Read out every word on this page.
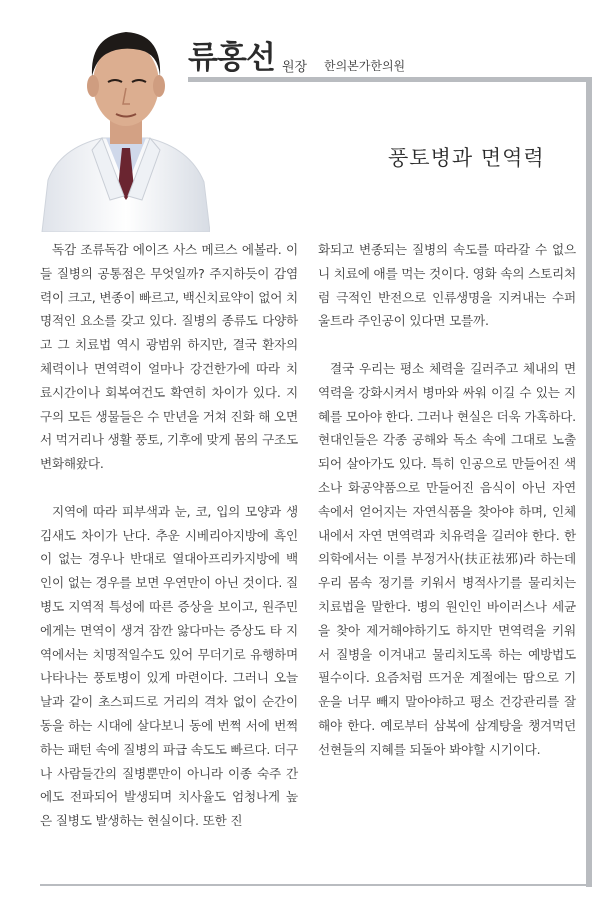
류홍선 원장 한의본가한의원
풍토병과 면역력

독감 조류독감 에이즈 사스 메르스 에볼라. 이들 질병의 공통점은 무엇일까? 주지하듯이 감염력이 크고, 변종이 빠르고, 백신치료약이 없어 치명적인 요소를 갖고 있다. 질병의 종류도 다양하고 그 치료법 역시 광범위 하지만, 결국 환자의 체력이나 면역력이 얼마나 강건한가에 따라 치료시간이나 회복여건도 확연히 차이가 있다. 지구의 모든 생물들은 수 만년을 거쳐 진화 해 오면서 먹거리나 생활 풍토, 기후에 맞게 몸의 구조도 변화해왔다.

지역에 따라 피부색과 눈, 코, 입의 모양과 생김새도 차이가 난다. 추운 시베리아지방에 흑인이 없는 경우나 반대로 열대아프리카지방에 백인이 없는 경우를 보면 우연만이 아닌 것이다. 질병도 지역적 특성에 따른 증상을 보이고, 원주민에게는 면역이 생겨 잠깐 앓다마는 증상도 타 지역에서는 치명적일수도 있어 무더기로 유행하며 나타나는 풍토병이 있게 마련이다. 그러니 오늘날과 같이 초스피드로 거리의 격차 없이 순간이동을 하는 시대에 살다보니 동에 번쩍 서에 번쩍 하는 패턴 속에 질병의 파급 속도도 빠르다. 더구나 사람들간의 질병뿐만이 아니라 이종 숙주 간에도 전파되어 발생되며 치사율도 엄청나게 높은 질병도 발생하는 현실이다. 또한 진

화되고 변종되는 질병의 속도를 따라갈 수 없으니 치료에 애를 먹는 것이다. 영화 속의 스토리처럼 극적인 반전으로 인류생명을 지켜내는 수퍼 울트라 주인공이 있다면 모를까.

결국 우리는 평소 체력을 길러주고 체내의 면역력을 강화시켜서 병마와 싸워 이길 수 있는 지혜를 모아야 한다. 그러나 현실은 더욱 가혹하다. 현대인들은 각종 공해와 독소 속에 그대로 노출되어 살아가도 있다. 특히 인공으로 만들어진 색소나 화공약품으로 만들어진 음식이 아닌 자연 속에서 얻어지는 자연식품을 찾아야 하며, 인체 내에서 자연 면역력과 치유력을 길러야 한다. 한의학에서는 이를 부정거사(扶正祛邪)라 하는데 우리 몸속 정기를 키워서 병적사기를 물리치는 치료법을 말한다. 병의 원인인 바이러스나 세균을 찾아 제거해야하기도 하지만 면역력을 키워서 질병을 이겨내고 물리치도록 하는 예방법도 필수이다. 요즘처럼 뜨거운 계절에는 땀으로 기운을 너무 빼지 말아야하고 평소 건강관리를 잘 해야 한다. 예로부터 삼복에 삼계탕을 챙겨먹던 선현들의 지혜를 되돌아 봐야할 시기이다.
